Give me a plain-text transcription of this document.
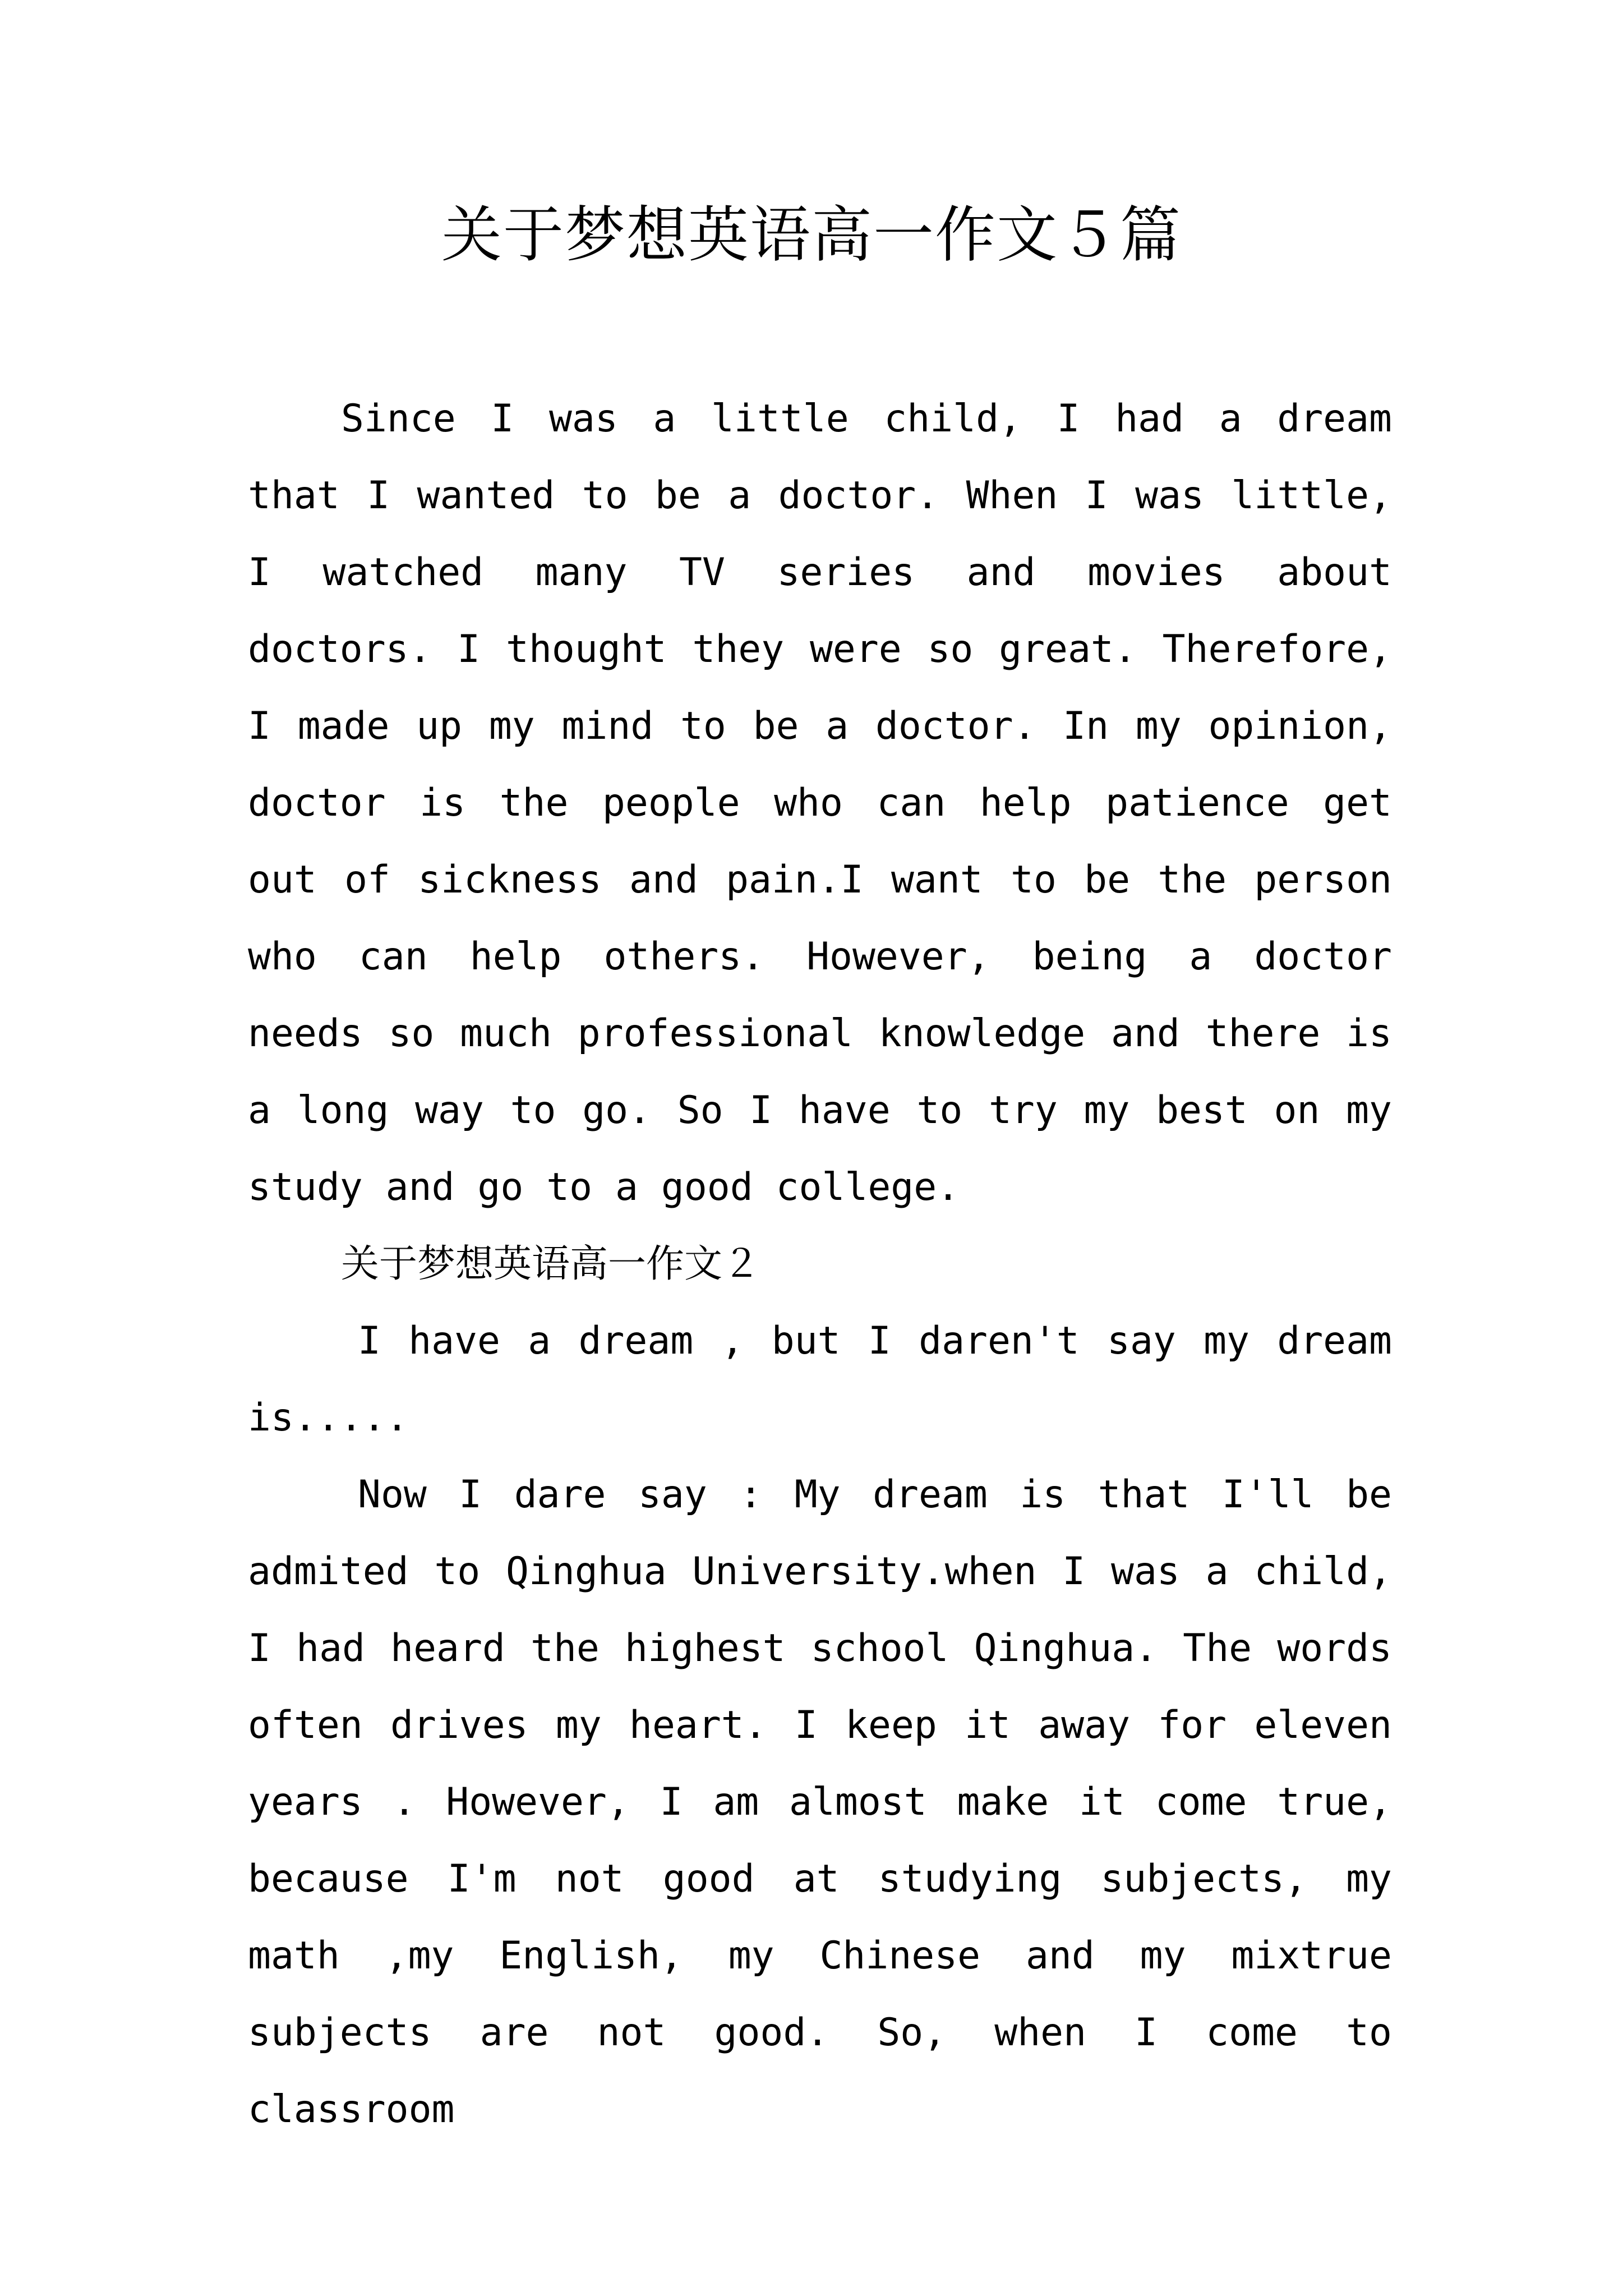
关于梦想英语高一作文５篇

Since I was a little child, I had a dream that I wanted to be a doctor. When I was little, I watched many TV series and movies about doctors. I thought they were so great. Therefore, I made up my mind to be a doctor. In my opinion, doctor is the people who can help patience get out of sickness and pain.I want to be the person who can help others. However, being a doctor needs so much professional knowledge and there is a long way to go. So I have to try my best on my study and go to a good college.

关于梦想英语高一作文２

I have a dream , but I daren't say my dream is.....

Now I dare say : My dream is that I'll be admited to Qinghua University.when I was a child, I had heard the highest school Qinghua. The words often drives my heart. I keep it away for eleven years . However, I am almost make it come true, because I'm not good at studying subjects, my math ,my English, my Chinese and my mixtrue subjects are not good. So, when I come to classroom
